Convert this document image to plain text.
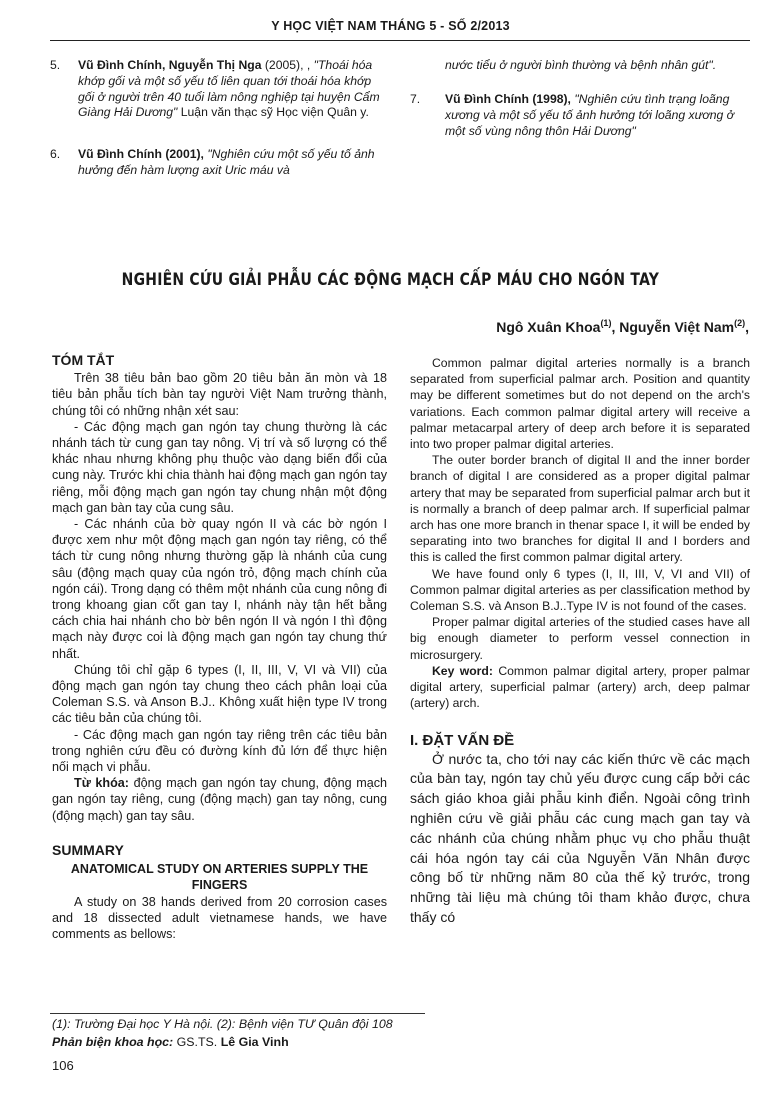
Y HỌC VIỆT NAM THÁNG 5 - SỐ 2/2013
5.	Vũ Đình Chính, Nguyễn Thị Nga (2005), , "Thoái hóa khớp gối và một số yếu tố liên quan tới thoái hóa khớp gối ở người trên 40 tuổi làm nông nghiệp tại huyện Cẩm Giàng Hải Dương" Luận văn thạc sỹ Học viện Quân y.
6.	Vũ Đình Chính (2001), "Nghiên cứu một số yếu tố ảnh hưởng đến hàm lượng axit Uric máu và
nước tiểu ở người bình thường và bệnh nhân gút".
7.	Vũ Đình Chính (1998), "Nghiên cứu tình trạng loãng xương và một số yếu tố ảnh hưởng tới loãng xương ở một số vùng nông thôn Hải Dương"
NGHIÊN CỨU GIẢI PHẪU CÁC ĐỘNG MẠCH CẤP MÁU CHO NGÓN TAY
Ngô Xuân Khoa$^{(1)}$, Nguyễn Việt Nam$^{(2)}$,

TÓM TẮT

Trên 38 tiêu bản bao gồm 20 tiêu bản ăn mòn và 18 tiêu bản phẫu tích bàn tay người Việt Nam trưởng thành, chúng tôi có những nhận xét sau:

- Các động mạch gan ngón tay chung thường là các nhánh tách từ cung gan tay nông. Vị trí và số lượng có thể khác nhau nhưng không phụ thuộc vào dạng biến đổi của cung này. Trước khi chia thành hai động mạch gan ngón tay riêng, mỗi động mạch gan ngón tay chung nhận một động mạch gan bàn tay của cung sâu.

- Các nhánh của bờ quay ngón II và các bờ ngón I được xem như một động mạch gan ngón tay riêng, có thể tách từ cung nông nhưng thường gặp là nhánh của cung sâu (động mạch quay của ngón trỏ, động mạch chính của ngón cái). Trong dạng có thêm một nhánh của cung nông đi trong khoang gian cốt gan tay I, nhánh này tận hết bằng cách chia hai nhánh cho bờ bên ngón II và ngón I thì động mạch này được coi là động mạch gan ngón tay chung thứ nhất.

Chúng tôi chỉ gặp 6 types (I, II, III, V, VI và VII) của động mạch gan ngón tay chung theo cách phân loại của Coleman S.S. và Anson B.J.. Không xuất hiện type IV trong các tiêu bản của chúng tôi.

- Các động mạch gan ngón tay riêng trên các tiêu bản trong nghiên cứu đều có đường kính đủ lớn để thực hiện nối mạch vi phẫu.

Từ khóa: động mạch gan ngón tay chung, động mạch gan ngón tay riêng, cung (động mạch) gan tay nông, cung (động mạch) gan tay sâu.

SUMMARY

ANATOMICAL STUDY ON ARTERIES SUPPLY THE FINGERS

A study on 38 hands derived from 20 corrosion cases and 18 dissected adult vietnamese hands, we have comments as bellows:

Common palmar digital arteries normally is a branch separated from superficial palmar arch. Position and quantity may be different sometimes but do not depend on the arch's variations. Each common palmar digital artery will receive a palmar metacarpal artery of deep arch before it is separated into two proper palmar digital arteries.

The outer border branch of digital II and the inner border branch of digital I are considered as a proper digital palmar artery that may be separated from superficial palmar arch but it is normally a branch of deep palmar arch. If superficial palmar arch has one more branch in thenar space I, it will be ended by separating into two branches for digital II and I borders and this is called the first common palmar digital artery.

We have found only 6 types (I, II, III, V, VI and VII) of Common palmar digital arteries as per classification method by Coleman S.S. và Anson B.J..Type IV is not found of the cases.

Proper palmar digital arteries of the studied cases have all big enough diameter to perform vessel connection in microsurgery.

Key word: Common palmar digital artery, proper palmar digital artery, superficial palmar (artery) arch, deep palmar (artery) arch.

I. ĐẶT VẤN ĐỀ

Ở nước ta, cho tới nay các kiến thức về các mạch của bàn tay, ngón tay chủ yếu được cung cấp bởi các sách giáo khoa giải phẫu kinh điển. Ngoài công trình nghiên cứu về giải phẫu các cung mạch gan tay và các nhánh của chúng nhằm phục vụ cho phẫu thuật cái hóa ngón tay cái của Nguyễn Văn Nhân được công bố từ những năm 80 của thế kỷ trước, trong những tài liệu mà chúng tôi tham khảo được, chưa thấy có

(1): Trường Đại học Y Hà nội. (2): Bệnh viện TƯ Quân đội 108
Phản biện khoa học: GS.TS. Lê Gia Vinh
106
